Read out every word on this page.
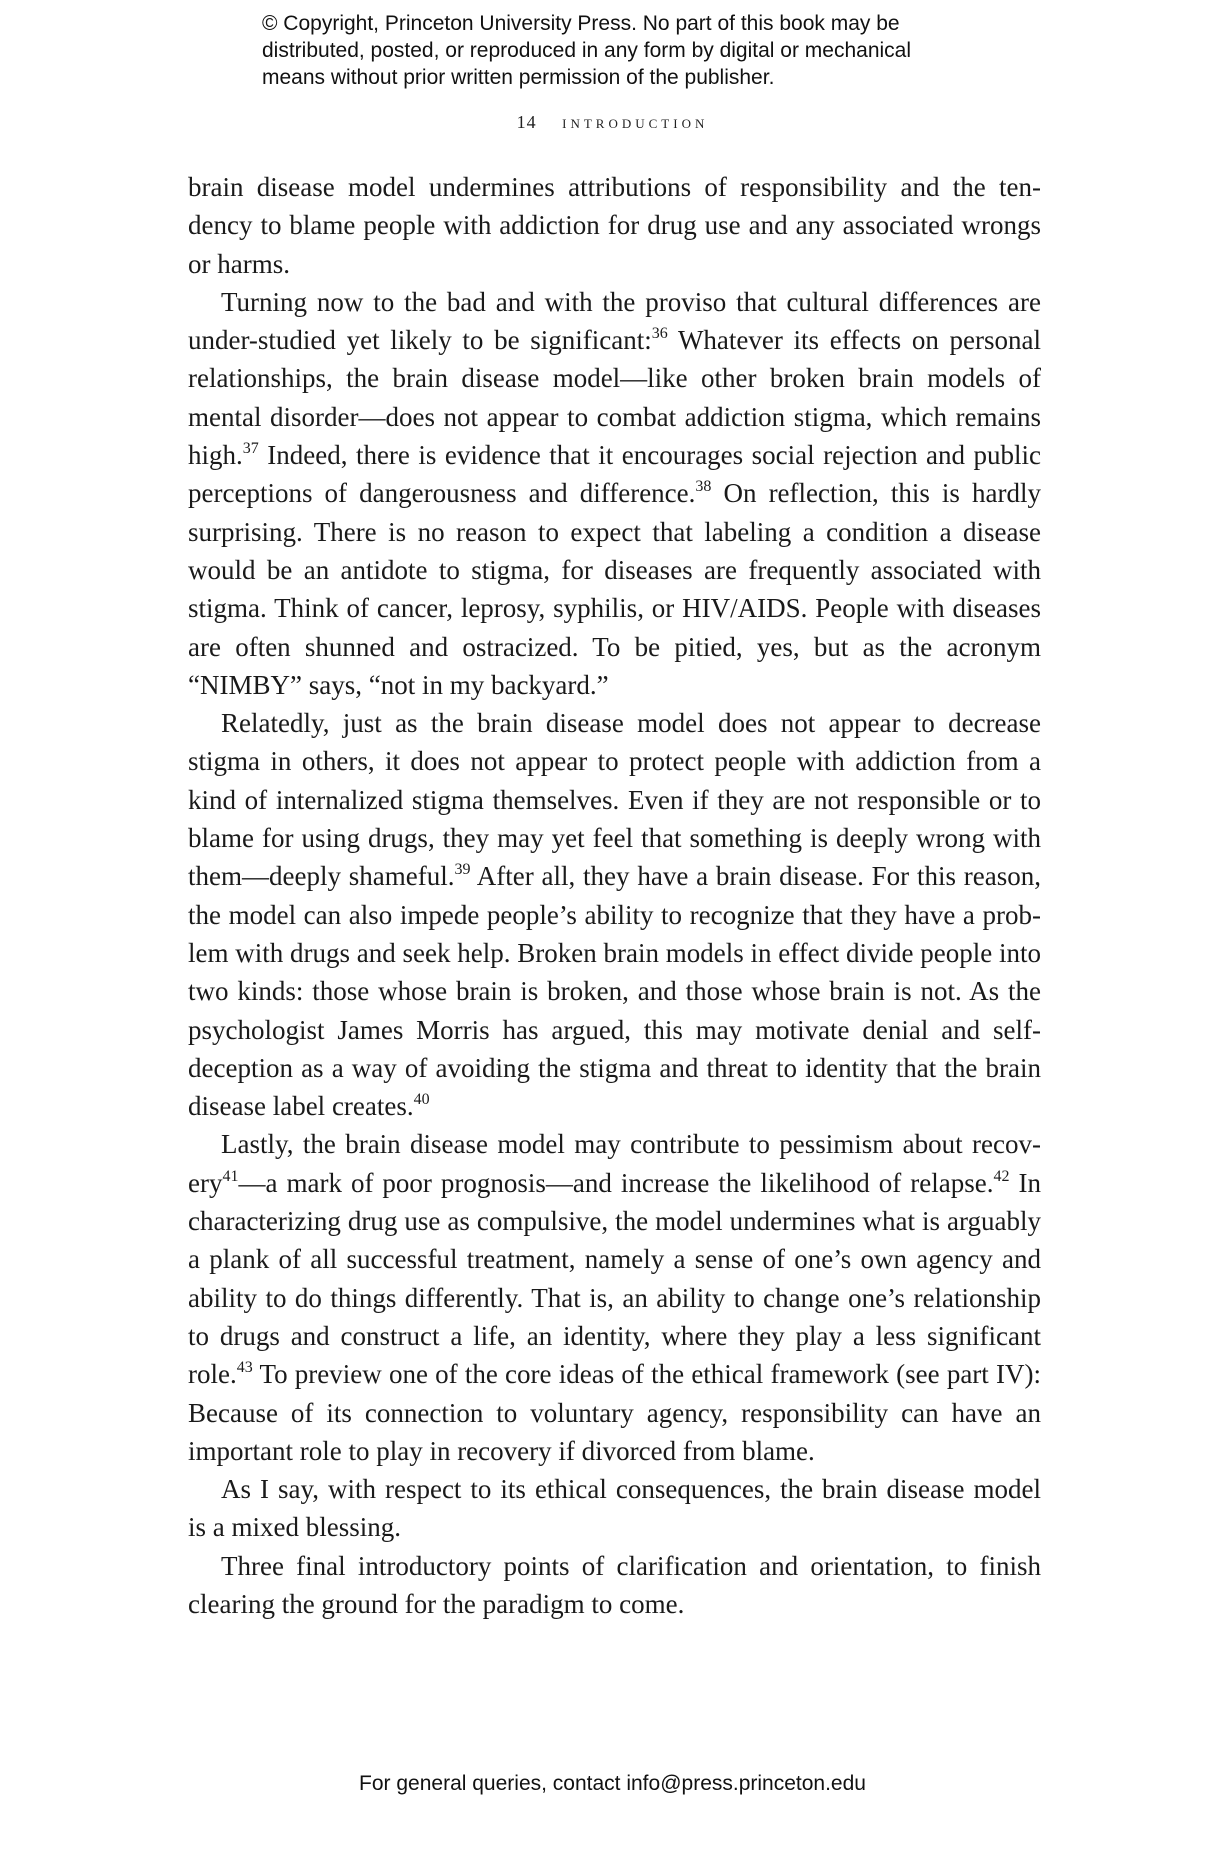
© Copyright, Princeton University Press. No part of this book may be
distributed, posted, or reproduced in any form by digital or mechanical
means without prior written permission of the publisher.
14 introduction
brain disease model undermines attributions of responsibility and the ten-
dency to blame people with addiction for drug use and any associated wrongs
or harms.
Turning now to the bad and with the proviso that cultural differences are
under-studied yet likely to be significant:$^{36}$ Whatever its effects on personal
relationships, the brain disease model—like other broken brain models of
mental disorder—does not appear to combat addiction stigma, which remains
high.$^{37}$ Indeed, there is evidence that it encourages social rejection and public
perceptions of dangerousness and difference.$^{38}$ On reflection, this is hardly
surprising. There is no reason to expect that labeling a condition a disease
would be an antidote to stigma, for diseases are frequently associated with
stigma. Think of cancer, leprosy, syphilis, or HIV/AIDS. People with diseases
are often shunned and ostracized. To be pitied, yes, but as the acronym
“NIMBY” says, “not in my backyard.”
Relatedly, just as the brain disease model does not appear to decrease
stigma in others, it does not appear to protect people with addiction from a
kind of internalized stigma themselves. Even if they are not responsible or to
blame for using drugs, they may yet feel that something is deeply wrong with
them—deeply shameful.$^{39}$ After all, they have a brain disease. For this reason,
the model can also impede people’s ability to recognize that they have a prob-
lem with drugs and seek help. Broken brain models in effect divide people into
two kinds: those whose brain is broken, and those whose brain is not. As the
psychologist James Morris has argued, this may motivate denial and self-
deception as a way of avoiding the stigma and threat to identity that the brain
disease label creates.$^{40}$
Lastly, the brain disease model may contribute to pessimism about recov-
ery$^{41}$—a mark of poor prognosis—and increase the likelihood of relapse.$^{42}$ In
characterizing drug use as compulsive, the model undermines what is arguably
a plank of all successful treatment, namely a sense of one’s own agency and
ability to do things differently. That is, an ability to change one’s relationship
to drugs and construct a life, an identity, where they play a less significant
role.$^{43}$ To preview one of the core ideas of the ethical framework (see part IV):
Because of its connection to voluntary agency, responsibility can have an
important role to play in recovery if divorced from blame.
As I say, with respect to its ethical consequences, the brain disease model
is a mixed blessing.
Three final introductory points of clarification and orientation, to finish
clearing the ground for the paradigm to come.
For general queries, contact info@press.princeton.edu
